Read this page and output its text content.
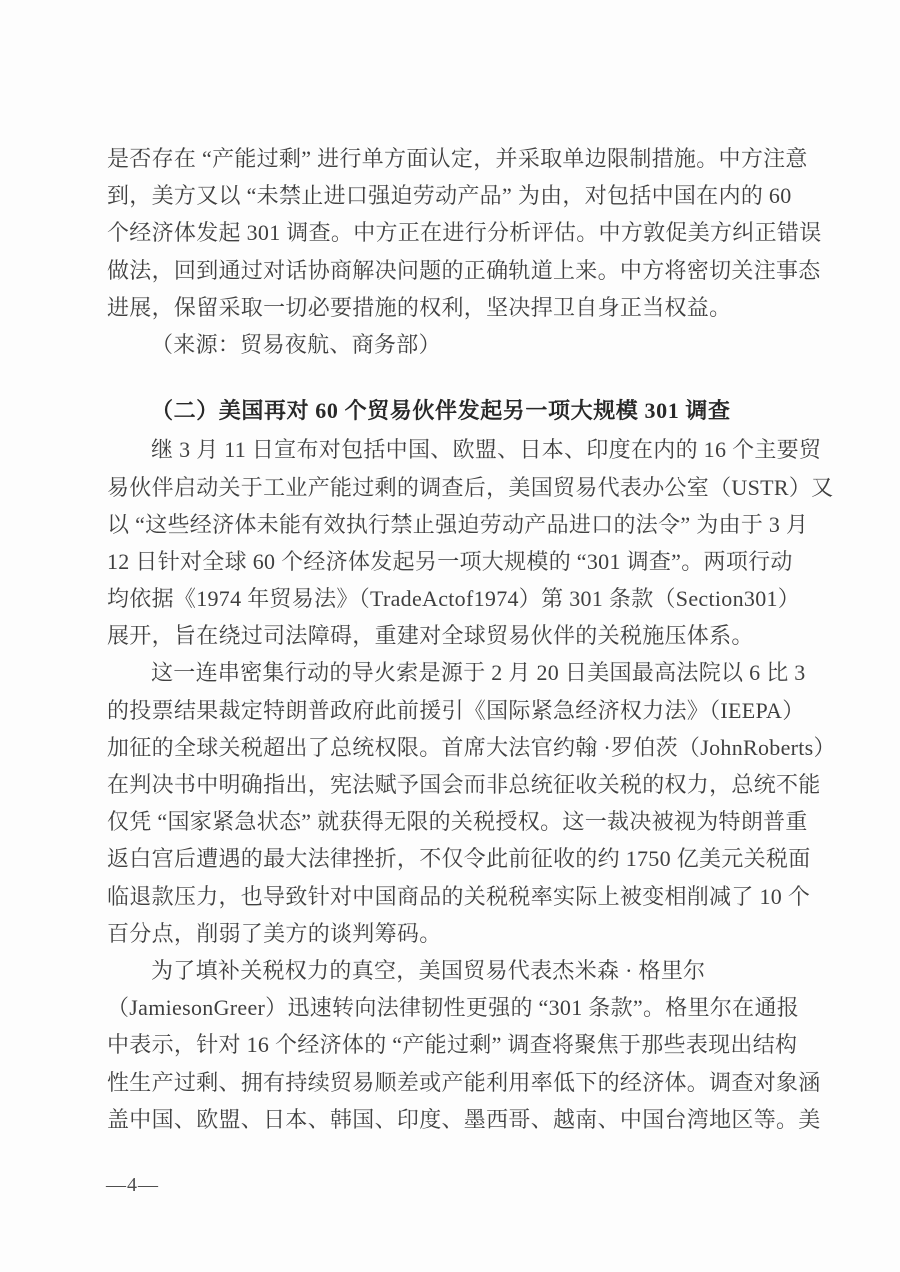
是否存在 “产能过剩” 进行单方面认定，并采取单边限制措施。中方注意
到，美方又以 “未禁止进口强迫劳动产品” 为由，对包括中国在内的 60
个经济体发起 301 调查。中方正在进行分析评估。中方敦促美方纠正错误
做法，回到通过对话协商解决问题的正确轨道上来。中方将密切关注事态
进展，保留采取一切必要措施的权利，坚决捍卫自身正当权益。
（来源：贸易夜航、商务部）
（二）美国再对 60 个贸易伙伴发起另一项大规模 301 调查
继 3 月 11 日宣布对包括中国、欧盟、日本、印度在内的 16 个主要贸
易伙伴启动关于工业产能过剩的调查后，美国贸易代表办公室（USTR）又
以 “这些经济体未能有效执行禁止强迫劳动产品进口的法令” 为由于 3 月
12 日针对全球 60 个经济体发起另一项大规模的 “301 调查”。两项行动
均依据《1974 年贸易法》（TradeActof1974）第 301 条款（Section301）
展开，旨在绕过司法障碍，重建对全球贸易伙伴的关税施压体系。
这一连串密集行动的导火索是源于 2 月 20 日美国最高法院以 6 比 3
的投票结果裁定特朗普政府此前援引《国际紧急经济权力法》（IEEPA）
加征的全球关税超出了总统权限。首席大法官约翰 ·罗伯茨（JohnRoberts）
在判决书中明确指出，宪法赋予国会而非总统征收关税的权力，总统不能
仅凭 “国家紧急状态” 就获得无限的关税授权。这一裁决被视为特朗普重
返白宫后遭遇的最大法律挫折，不仅令此前征收的约 1750 亿美元关税面
临退款压力，也导致针对中国商品的关税税率实际上被变相削减了 10 个
百分点，削弱了美方的谈判筹码。
为了填补关税权力的真空，美国贸易代表杰米森 · 格里尔
（JamiesonGreer）迅速转向法律韧性更强的 “301 条款”。格里尔在通报
中表示，针对 16 个经济体的 “产能过剩” 调查将聚焦于那些表现出结构
性生产过剩、拥有持续贸易顺差或产能利用率低下的经济体。调查对象涵
盖中国、欧盟、日本、韩国、印度、墨西哥、越南、中国台湾地区等。美
—4—
